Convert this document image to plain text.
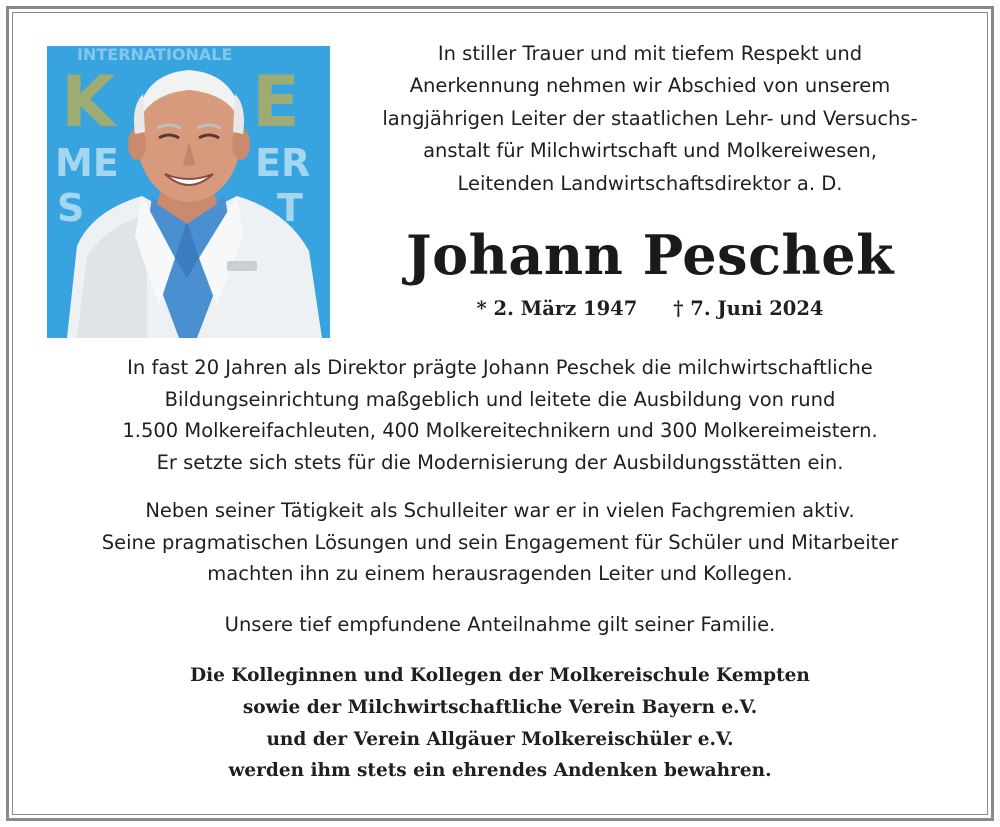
INTERNATIONALE
K E
ME	ER
S	T

In stiller Trauer und mit tiefem Respekt und
Anerkennung nehmen wir Abschied von unserem
langjährigen Leiter der staatlichen Lehr- und Versuchs-
anstalt für Milchwirtschaft und Molkereiwesen,
Leitenden Landwirtschaftsdirektor a. D.

Johann Peschek

* 2. März 1947 † 7. Juni 2024

In fast 20 Jahren als Direktor prägte Johann Peschek die milchwirtschaftliche
Bildungseinrichtung maßgeblich und leitete die Ausbildung von rund
1.500 Molkereifachleuten, 400 Molkereitechnikern und 300 Molkereimeistern.
Er setzte sich stets für die Modernisierung der Ausbildungsstätten ein.

Neben seiner Tätigkeit als Schulleiter war er in vielen Fachgremien aktiv.
Seine pragmatischen Lösungen und sein Engagement für Schüler und Mitarbeiter
machten ihn zu einem herausragenden Leiter und Kollegen.

Unsere tief empfundene Anteilnahme gilt seiner Familie.

Die Kolleginnen und Kollegen der Molkereischule Kempten
sowie der Milchwirtschaftliche Verein Bayern e.V.
und der Verein Allgäuer Molkereischüler e.V.
werden ihm stets ein ehrendes Andenken bewahren.
